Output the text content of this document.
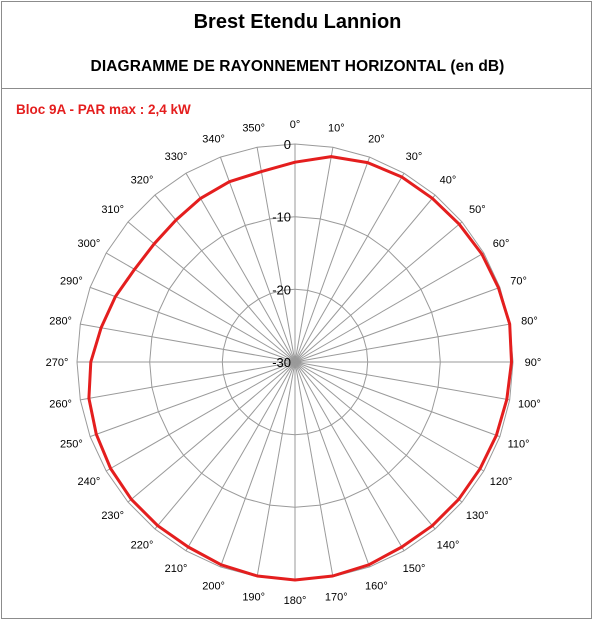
Brest Etendu Lannion
DIAGRAMME DE RAYONNEMENT HORIZONTAL (en dB)
Bloc 9A - PAR max : 2,4 kW
0
-10
-20
-30
0°	10°
20°
30°
40°
50°
60°
70°
80°
90°
100°
110°
120°
130°
140°
150°
160°
170°
180°
190°
200°
210°
220°
230°
240°
250°
260°
270°
280°
290°
300°
310°
320°
330°
340°
350°
